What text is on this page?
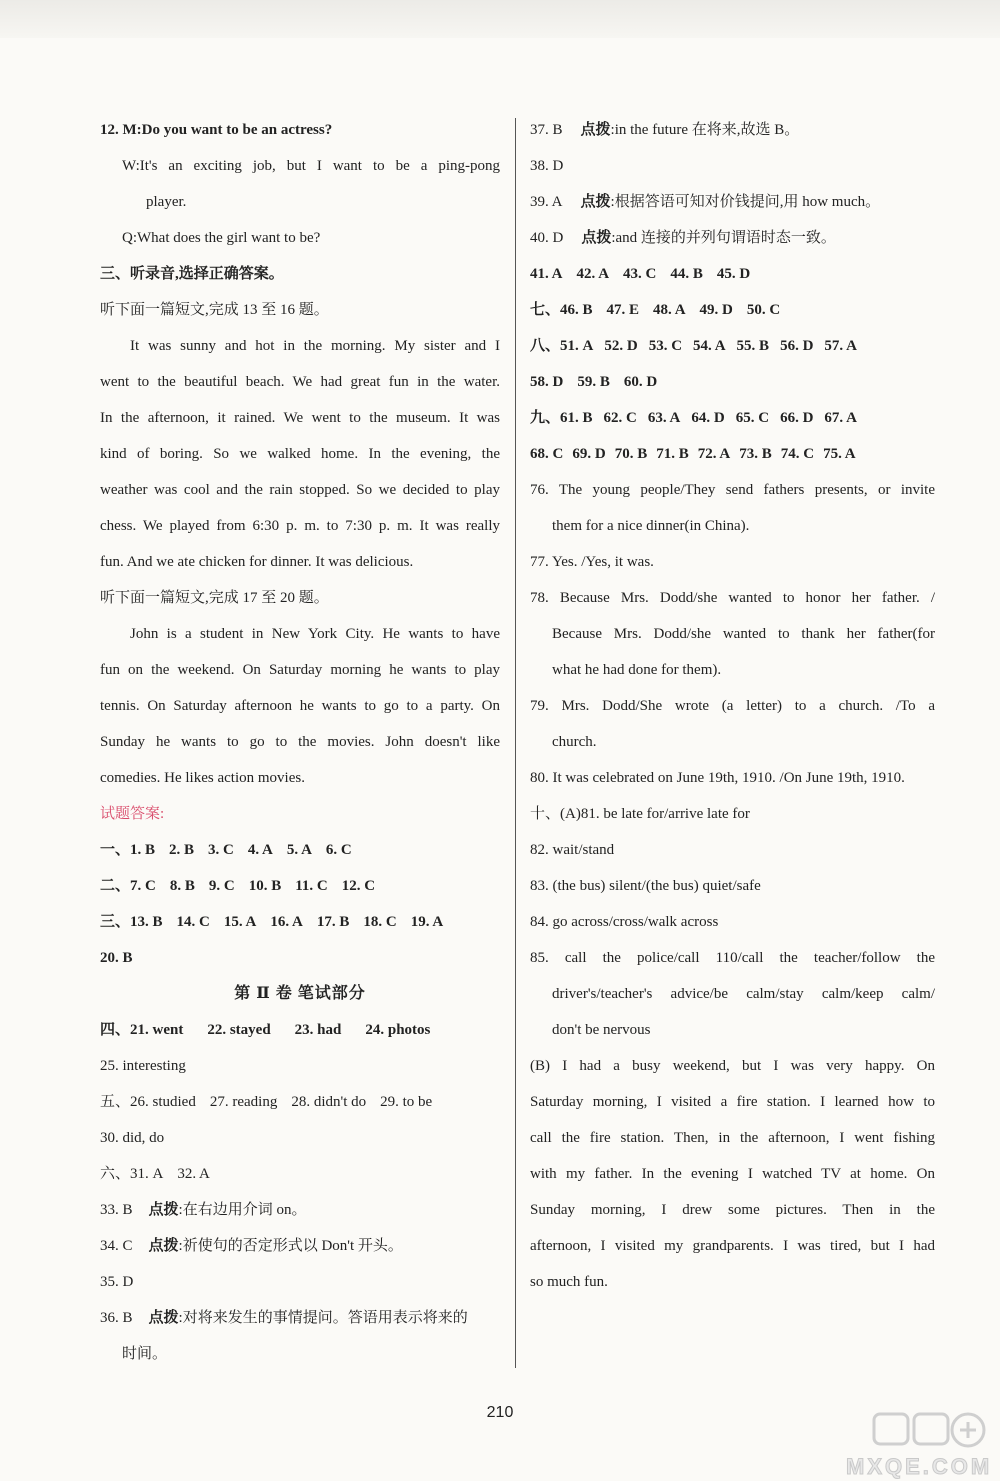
12. M:Do you want to be an actress?
W:It's an exciting job, but I want to be a ping-pong
player.
Q:What does the girl want to be?
三、听录音,选择正确答案。
听下面一篇短文,完成 13 至 16 题。
It was sunny and hot in the morning. My sister and I
went to the beautiful beach. We had great fun in the water.
In the afternoon, it rained. We went to the museum. It was
kind of boring. So we walked home. In the evening, the
weather was cool and the rain stopped. So we decided to play
chess. We played from 6:30 p. m. to 7:30 p. m. It was really
fun. And we ate chicken for dinner. It was delicious.
听下面一篇短文,完成 17 至 20 题。
John is a student in New York City. He wants to have
fun on the weekend. On Saturday morning he wants to play
tennis. On Saturday afternoon he wants to go to a party. On
Sunday he wants to go to the movies. John doesn't like
comedies. He likes action movies.
试题答案:
一、1. B 2. B 3. C 4. A 5. A 6. C
二、7. C 8. B 9. C 10. B 11. C 12. C
三、13. B 14. C 15. A 16. A 17. B 18. C 19. A
20. B
第 Ⅱ 卷 笔试部分
四、21. went 22. stayed 23. had 24. photos
25. interesting
五、26. studied 27. reading 28. didn't do 29. to be
30. did, do
六、31. A 32. A
33. B 点拨:在右边用介词 on。
34. C 点拨:祈使句的否定形式以 Don't 开头。
35. D
36. B 点拨:对将来发生的事情提问。答语用表示将来的
时间。
37. B 点拨:in the future 在将来,故选 B。
38. D
39. A 点拨:根据答语可知对价钱提问,用 how much。
40. D 点拨:and 连接的并列句谓语时态一致。
41. A 42. A 43. C 44. B 45. D
七、46. B 47. E 48. A 49. D 50. C
八、51. A 52. D 53. C 54. A 55. B 56. D 57. A
58. D 59. B 60. D
九、61. B 62. C 63. A 64. D 65. C 66. D 67. A
68. C 69. D 70. B 71. B 72. A 73. B 74. C 75. A
76. The young people/They send fathers presents, or invite
them for a nice dinner(in China).
77. Yes. /Yes, it was.
78. Because Mrs. Dodd/she wanted to honor her father. /
Because Mrs. Dodd/she wanted to thank her father(for
what he had done for them).
79. Mrs. Dodd/She wrote (a letter) to a church. /To a
church.
80. It was celebrated on June 19th, 1910. /On June 19th, 1910.
十、(A)81. be late for/arrive late for
82. wait/stand
83. (the bus) silent/(the bus) quiet/safe
84. go across/cross/walk across
85. call the police/call 110/call the teacher/follow the
driver's/teacher's advice/be calm/stay calm/keep calm/
don't be nervous
(B) I had a busy weekend, but I was very happy. On
Saturday morning, I visited a fire station. I learned how to
call the fire station. Then, in the afternoon, I went fishing
with my father. In the evening I watched TV at home. On
Sunday morning, I drew some pictures. Then in the
afternoon, I visited my grandparents. I was tired, but I had
so much fun.
210
MXQE.COM
